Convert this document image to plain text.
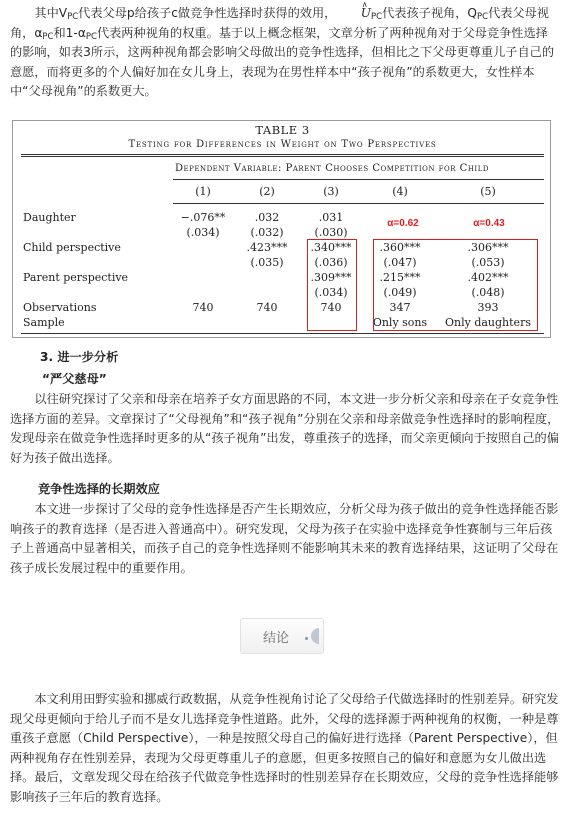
其中$V_{PC}$代表父母p给孩子c做竞争性选择时获得的效用，∧ $U_{PC}$代表孩子视角，$Q_{PC}$代表父母视角，$\alpha_{PC}$和$1-\alpha_{PC}$代表两种视角的权重。基于以上概念框架，文章分析了两种视角对于父母竞争性选择的影响，如表3所示，这两种视角都会影响父母做出的竞争性选择，但相比之下父母更尊重儿子自己的意愿，而将更多的个人偏好加在女儿身上，表现为在男性样本中“孩子视角”的系数更大，女性样本中“父母视角”的系数更大。

TABLE 3
Testing for Differences in Weight on Two Perspectives
Dependent Variable: Parent Chooses Competition for Child
(1)	(2)	(3)	(4)	(5)
Daughter	−.076**
(.034)
.032
(.032)
.031
(.030)
α=0.62	α=0.43
Child perspective	.423***
(.035)
.340***
(.036)
.360***
(.047)
.306***
(.053)
Parent perspective	.309***
(.034)
.215***
(.049)
.402***
(.048)
Observations	740	740	740	347	393
Sample	Only sons	Only daughters
3. 进一步分析
“严父慈母”

以往研究探讨了父亲和母亲在培养子女方面思路的不同，本文进一步分析父亲和母亲在子女竞争性选择方面的差异。文章探讨了“父母视角”和“孩子视角”分别在父亲和母亲做竞争性选择时的影响程度，发现母亲在做竞争性选择时更多的从“孩子视角”出发，尊重孩子的选择，而父亲更倾向于按照自己的偏好为孩子做出选择。

竞争性选择的长期效应

本文进一步探讨了父母的竞争性选择是否产生长期效应，分析父母为孩子做出的竞争性选择能否影响孩子的教育选择（是否进入普通高中）。研究发现，父母为孩子在实验中选择竞争性赛制与三年后孩子上普通高中显著相关，而孩子自己的竞争性选择则不能影响其未来的教育选择结果，这证明了父母在孩子成长发展过程中的重要作用。

结论

本文利用田野实验和挪威行政数据，从竞争性视角讨论了父母给子代做选择时的性别差异。研究发现父母更倾向于给儿子而不是女儿选择竞争性道路。此外，父母的选择源于两种视角的权衡，一种是尊重孩子意愿（Child Perspective），一种是按照父母自己的偏好进行选择（Parent Perspective），但两种视角存在性别差异，表现为父母更尊重儿子的意愿，但更多按照自己的偏好和意愿为女儿做出选择。最后，文章发现父母在给孩子代做竞争性选择时的性别差异存在长期效应，父母的竞争性选择能够影响孩子三年后的教育选择。
